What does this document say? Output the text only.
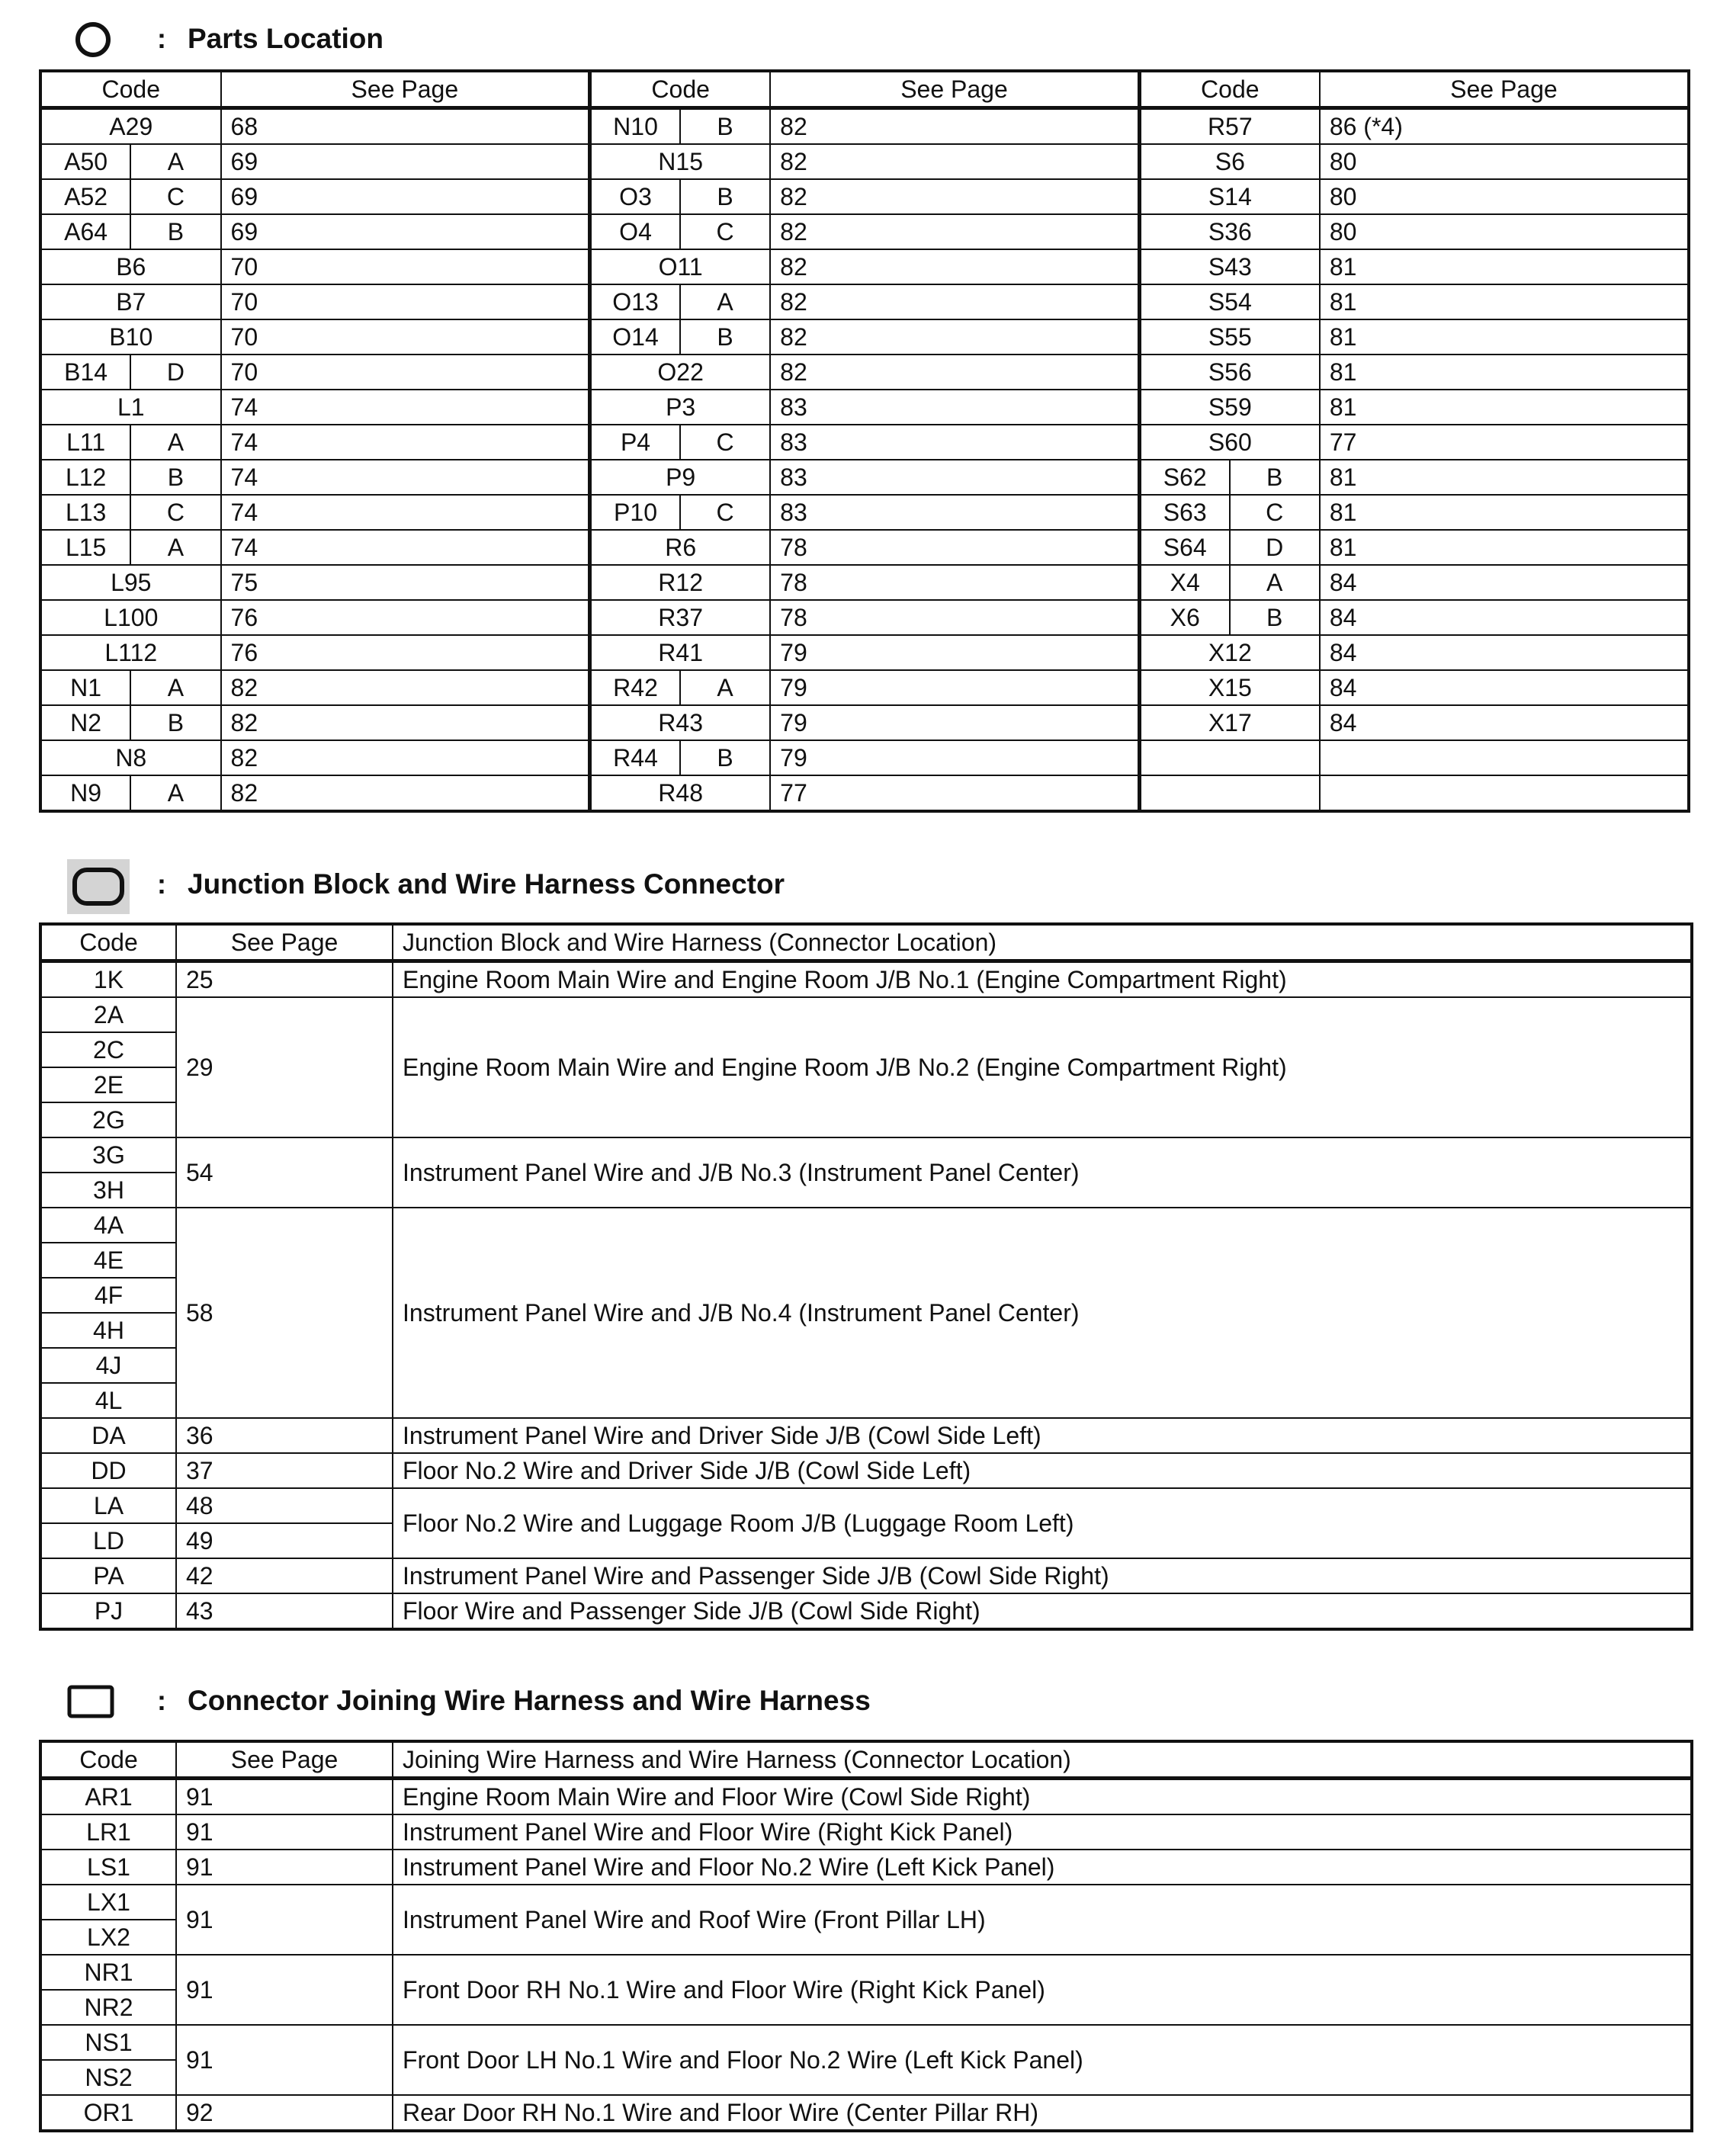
: Parts Location
Code		See Page	Code		See Page	Code		See Page
A29		68	N10	B	82	R57		86 (*4)
A50	A	69	N15		82	S6		80
A52	C	69	O3	B	82	S14		80
A64	B	69	O4	C	82	S36		80
B6		70	O11		82	S43		81
B7		70	O13	A	82	S54		81
B10		70	O14	B	82	S55		81
B14	D	70	O22		82	S56		81
L1		74	P3		83	S59		81
L11	A	74	P4	C	83	S60		77
L12	B	74	P9		83	S62	B	81
L13	C	74	P10	C	83	S63	C	81
L15	A	74	R6		78	S64	D	81
L95		75	R12		78	X4	A	84
L100		76	R37		78	X6	B	84
L112		76	R41		79	X12		84
N1	A	82	R42	A	79	X15		84
N2	B	82	R43		79	X17		84
N8		82	R44	B	79			
N9	A	82	R48		77			
: Junction Block and Wire Harness Connector
Code	See Page	Junction Block and Wire Harness (Connector Location)
1K	25	Engine Room Main Wire and Engine Room J/B No.1 (Engine Compartment Right)
2A	29	Engine Room Main Wire and Engine Room J/B No.2 (Engine Compartment Right)
2C		
2E		
2G		
3G	54	Instrument Panel Wire and J/B No.3 (Instrument Panel Center)
3H		
4A	58	Instrument Panel Wire and J/B No.4 (Instrument Panel Center)
4E		
4F		
4H		
4J		
4L		
DA	36	Instrument Panel Wire and Driver Side J/B (Cowl Side Left)
DD	37	Floor No.2 Wire and Driver Side J/B (Cowl Side Left)
LA	48	Floor No.2 Wire and Luggage Room J/B (Luggage Room Left)
LD	49	
PA	42	Instrument Panel Wire and Passenger Side J/B (Cowl Side Right)
PJ	43	Floor Wire and Passenger Side J/B (Cowl Side Right)
: Connector Joining Wire Harness and Wire Harness
Code	See Page	Joining Wire Harness and Wire Harness (Connector Location)
AR1	91	Engine Room Main Wire and Floor Wire (Cowl Side Right)
LR1	91	Instrument Panel Wire and Floor Wire (Right Kick Panel)
LS1	91	Instrument Panel Wire and Floor No.2 Wire (Left Kick Panel)
LX1	91	Instrument Panel Wire and Roof Wire (Front Pillar LH)
LX2		
NR1	91	Front Door RH No.1 Wire and Floor Wire (Right Kick Panel)
NR2		
NS1	91	Front Door LH No.1 Wire and Floor No.2 Wire (Left Kick Panel)
NS2		
OR1	92	Rear Door RH No.1 Wire and Floor Wire (Center Pillar RH)
